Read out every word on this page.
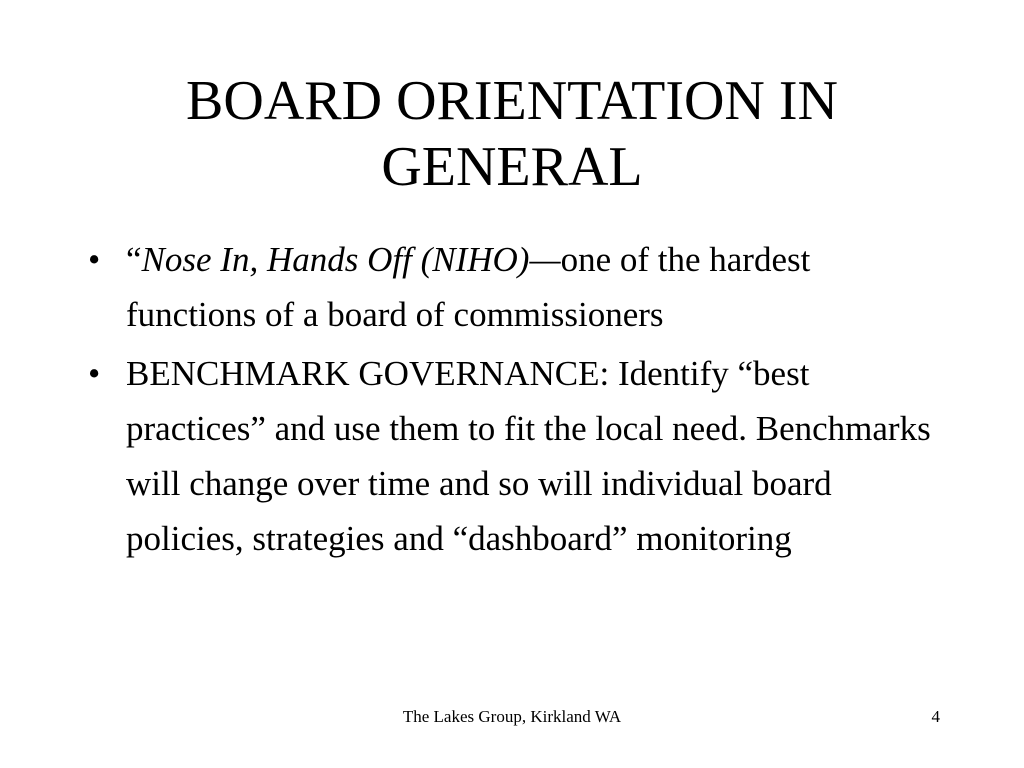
BOARD ORIENTATION IN
GENERAL
• “Nose In, Hands Off (NIHO)—one of the hardest functions of a board of commissioners
• BENCHMARK GOVERNANCE: Identify “best practices” and use them to fit the local need. Benchmarks will change over time and so will individual board policies, strategies and “dashboard” monitoring
The Lakes Group, Kirkland WA	4
